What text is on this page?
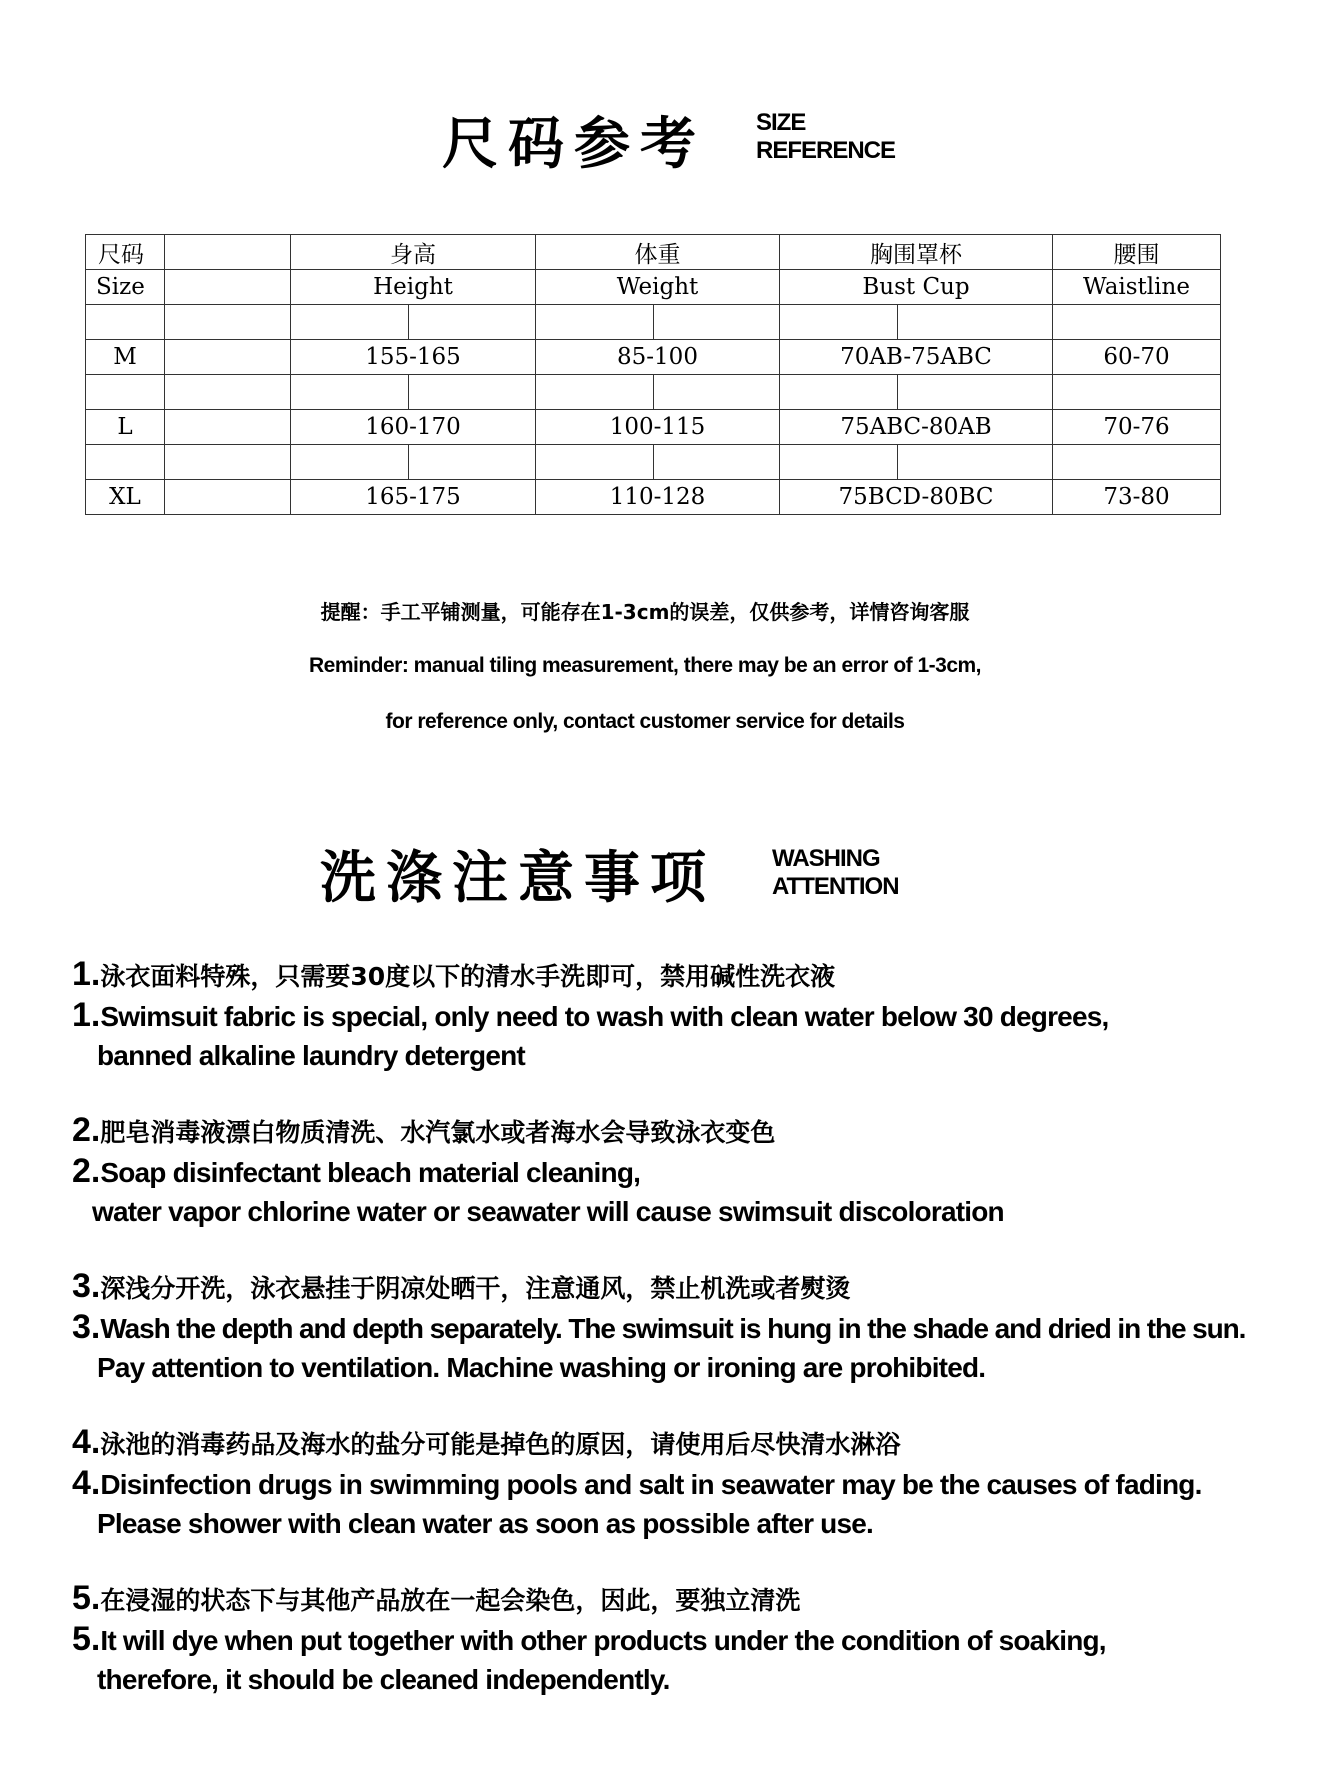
尺码参考 SIZE
REFERENCE
尺码		身高		体重		胸围罩杯		腰围
Size		Height		Weight		Bust Cup		Waistline

M		155-165		85-100		70AB-75ABC		60-70

L		160-170		100-115		75ABC-80AB		70-76

XL		165-175		110-128		75BCD-80BC		73-80
提醒：手工平铺测量，可能存在1-3cm的误差，仅供参考，详情咨询客服
Reminder: manual tiling measurement, there may be an error of 1-3cm,
for reference only, contact customer service for details
洗涤注意事项 WASHING
ATTENTION
1.泳衣面料特殊，只需要30度以下的清水手洗即可，禁用碱性洗衣液
1.Swimsuit fabric is special, only need to wash with clean water below 30 degrees,
banned alkaline laundry detergent
2.肥皂消毒液漂白物质清洗、水汽氯水或者海水会导致泳衣变色
2.Soap disinfectant bleach material cleaning,
water vapor chlorine water or seawater will cause swimsuit discoloration
3.深浅分开洗，泳衣悬挂于阴凉处晒干，注意通风，禁止机洗或者熨烫
3.Wash the depth and depth separately. The swimsuit is hung in the shade and dried in the sun.
Pay attention to ventilation. Machine washing or ironing are prohibited.
4.泳池的消毒药品及海水的盐分可能是掉色的原因，请使用后尽快清水淋浴
4.Disinfection drugs in swimming pools and salt in seawater may be the causes of fading.
Please shower with clean water as soon as possible after use.
5.在浸湿的状态下与其他产品放在一起会染色，因此，要独立清洗
5.It will dye when put together with other products under the condition of soaking,
therefore, it should be cleaned independently.
